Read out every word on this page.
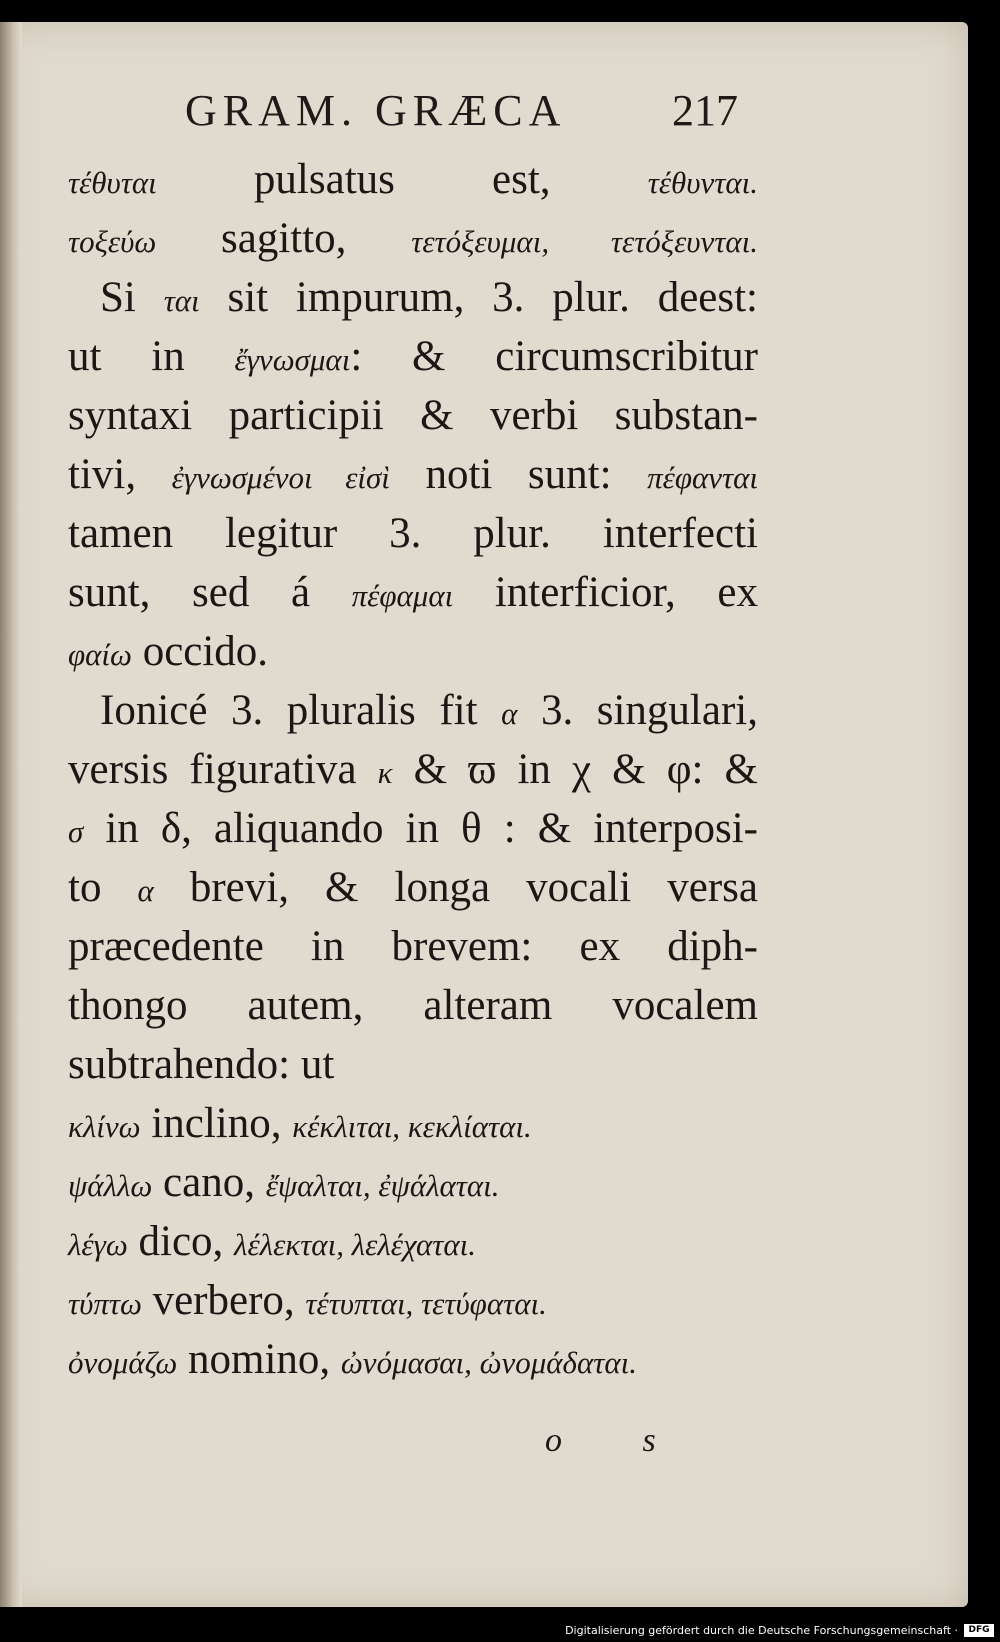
GRAM. GRÆCA 217
τέθυται pulsatus est, τέθυνται.
τοξεύω sagitto, τετόξευμαι, τετόξευνται.
Si ται sit impurum, 3. plur. deest:
ut in ἔγνωσμαι: & circumscribitur
syntaxi participii & verbi substan-
tivi, ἐγνωσμένοι εἰσὶ noti sunt: πέφανται
tamen legitur 3. plur. interfecti
sunt, sed á πέφαμαι interficior, ex
φαίω occido.
Ionicé 3. pluralis fit α 3. singulari,
versis figurativa κ & ϖ in χ & φ: &
σ in δ, aliquando in θ : & interposi-
to α brevi, & longa vocali versa
præcedente in brevem: ex diph-
thongo autem, alteram vocalem
subtrahendo: ut
κλίνω inclino, κέκλιται, κεκλίαται.
ψάλλω cano, ἔψαλται, ἐψάλαται.
λέγω dico, λέλεκται, λελέχαται.
τύπτω verbero, τέτυπται, τετύφαται.
ὀνομάζω nomino, ὠνόμασαι, ὠνομάδαται.
o s
Digitalisierung gefördert durch die Deutsche Forschungsgemeinschaft ·	DFG
